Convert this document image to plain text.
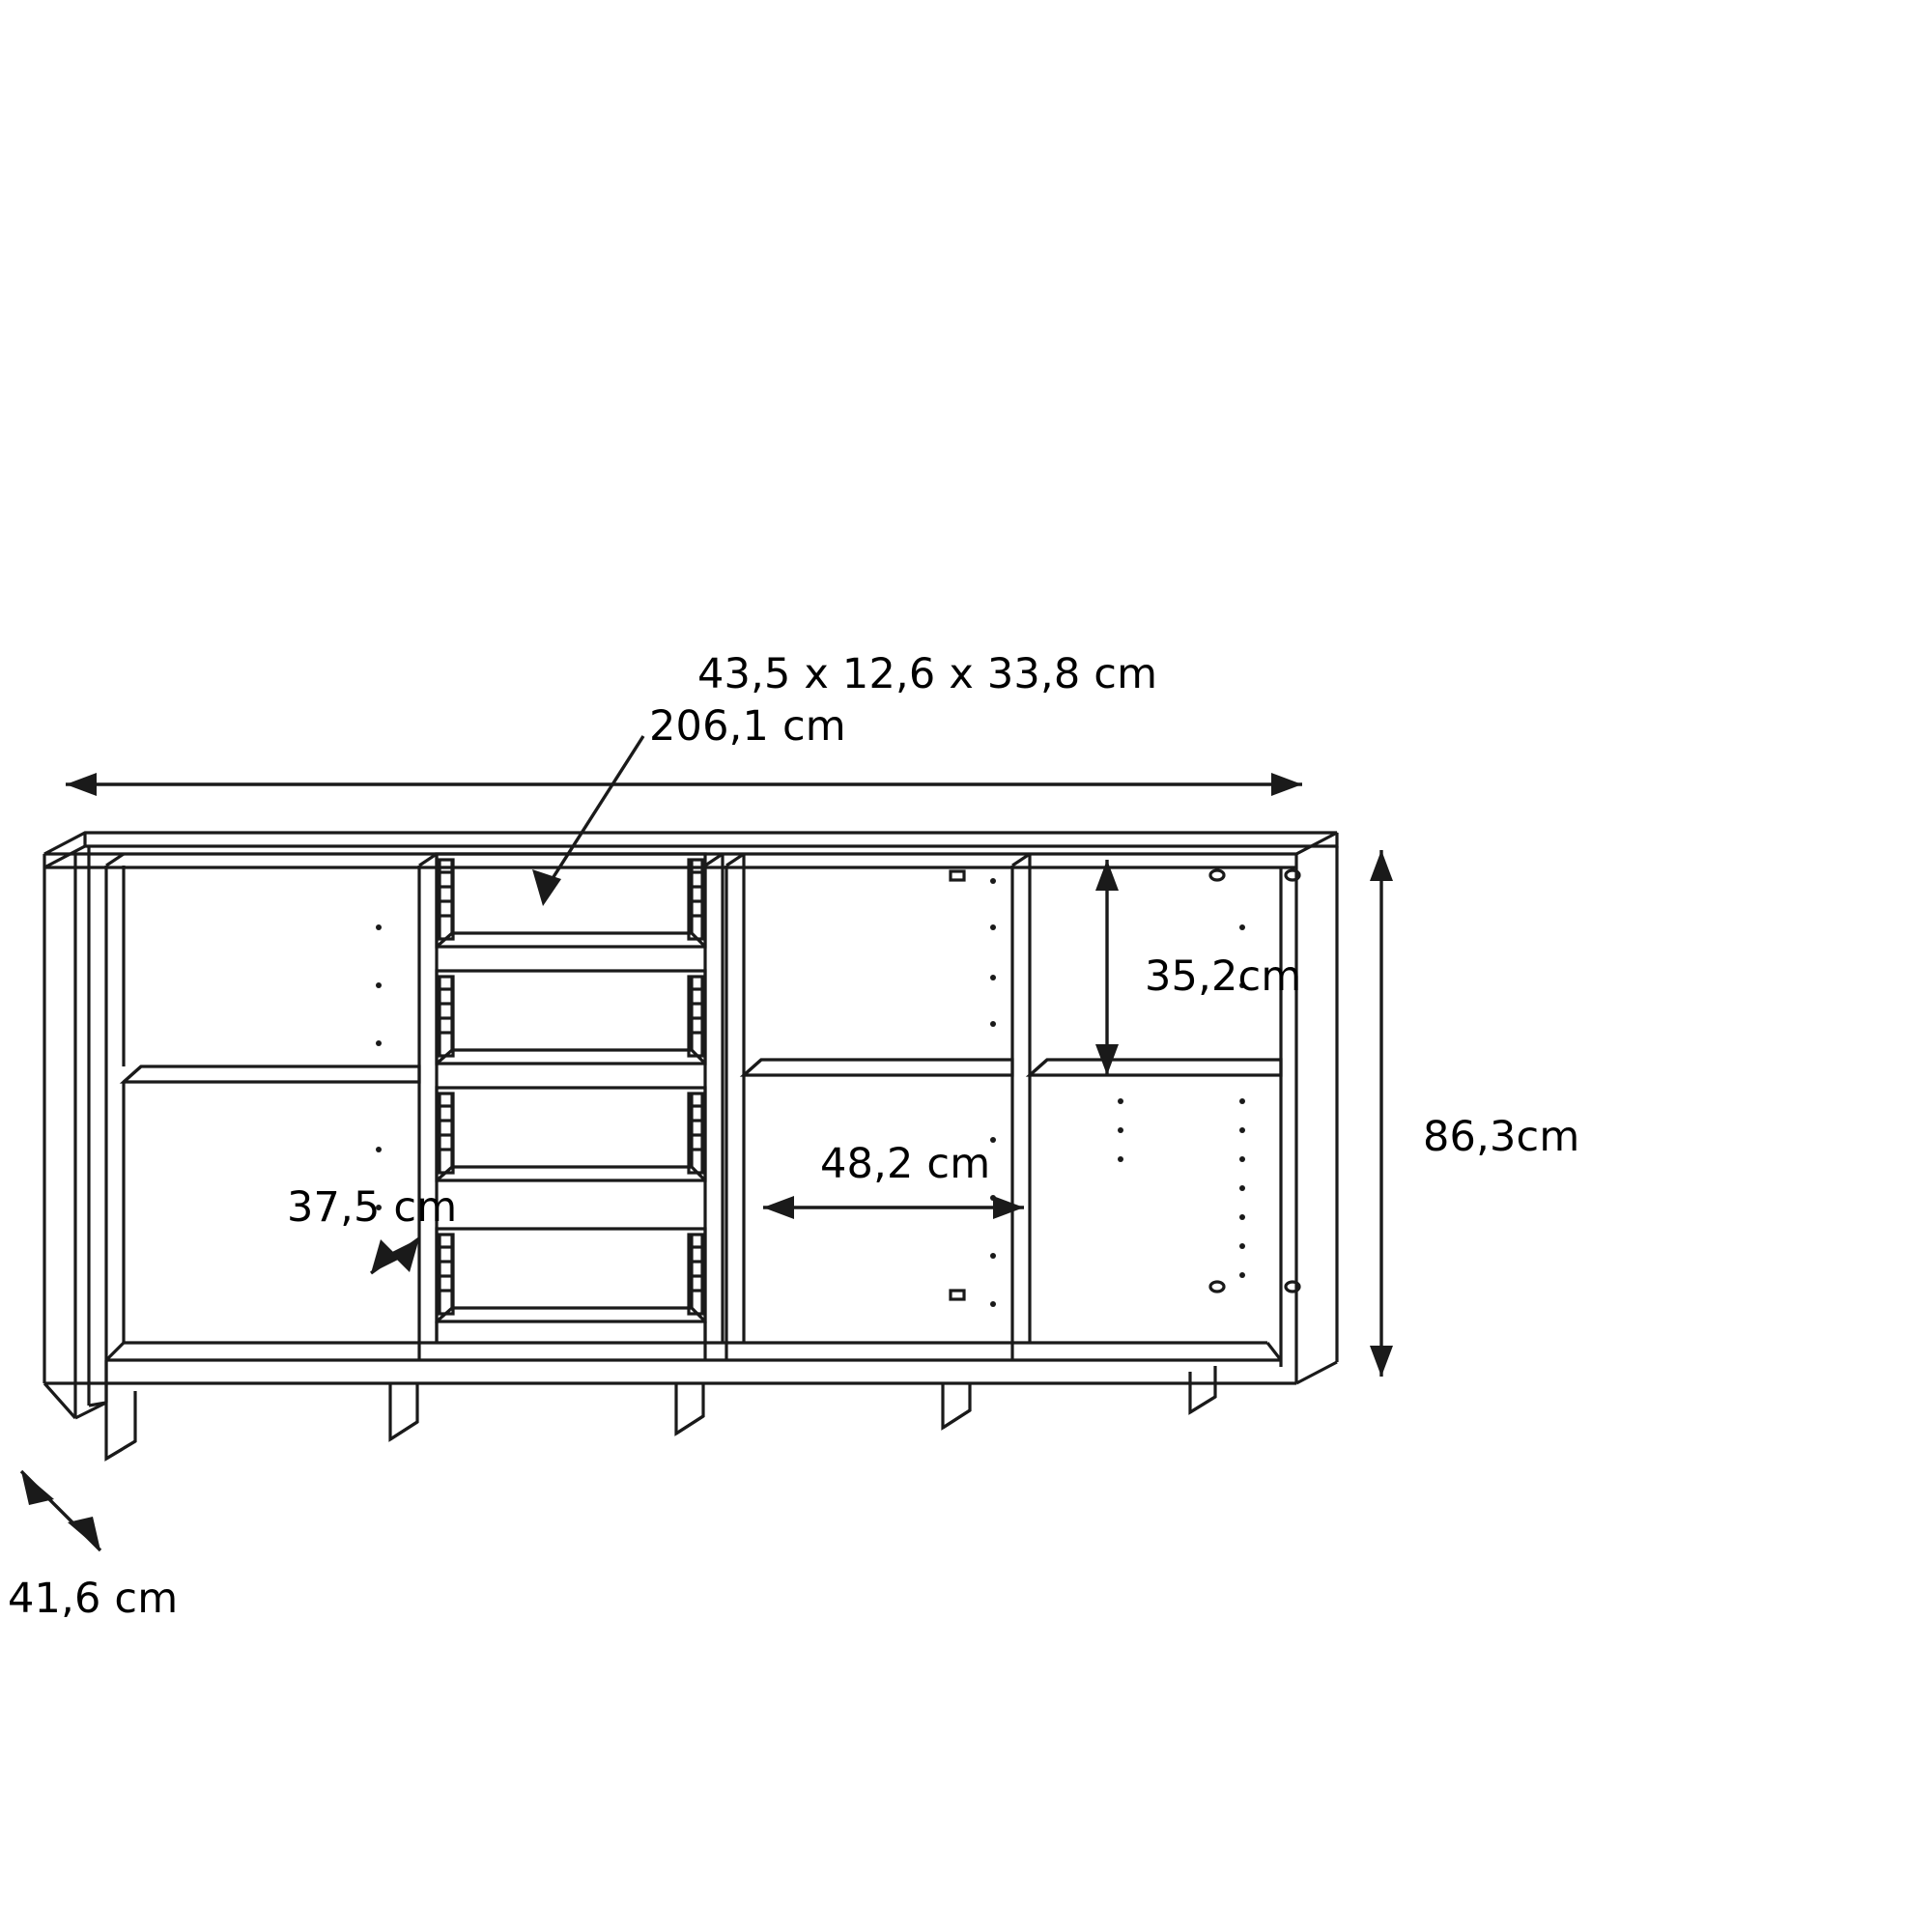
43,5 x 12,6 x 33,8 cm
206,1 cm
86,3cm
41,6 cm
35,2cm
48,2 cm
37,5 cm
